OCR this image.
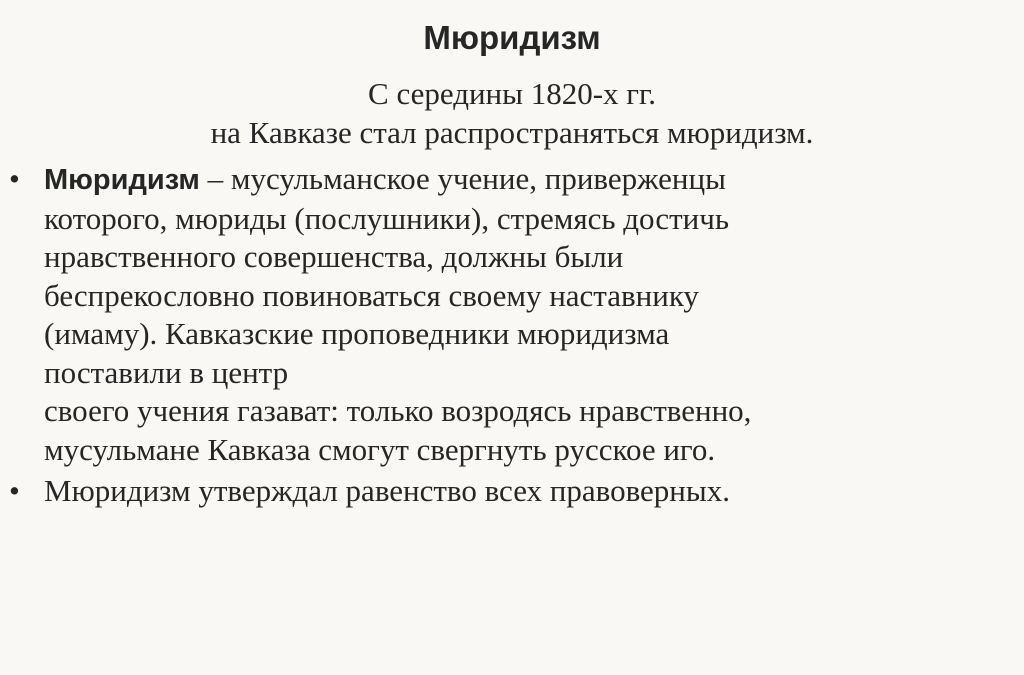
Мюридизм
С середины 1820-х гг.
на Кавказе стал распространяться мюридизм.
• Мюридизм – мусульманское учение, приверженцы
которого, мюриды (послушники), стремясь достичь
нравственного совершенства, должны были
беспрекословно повиноваться своему наставнику
(имаму). Кавказские проповедники мюридизма
поставили в центр
своего учения газават: только возродясь нравственно,
мусульмане Кавказа смогут свергнуть русское иго.
• Мюридизм утверждал равенство всех правоверных.
